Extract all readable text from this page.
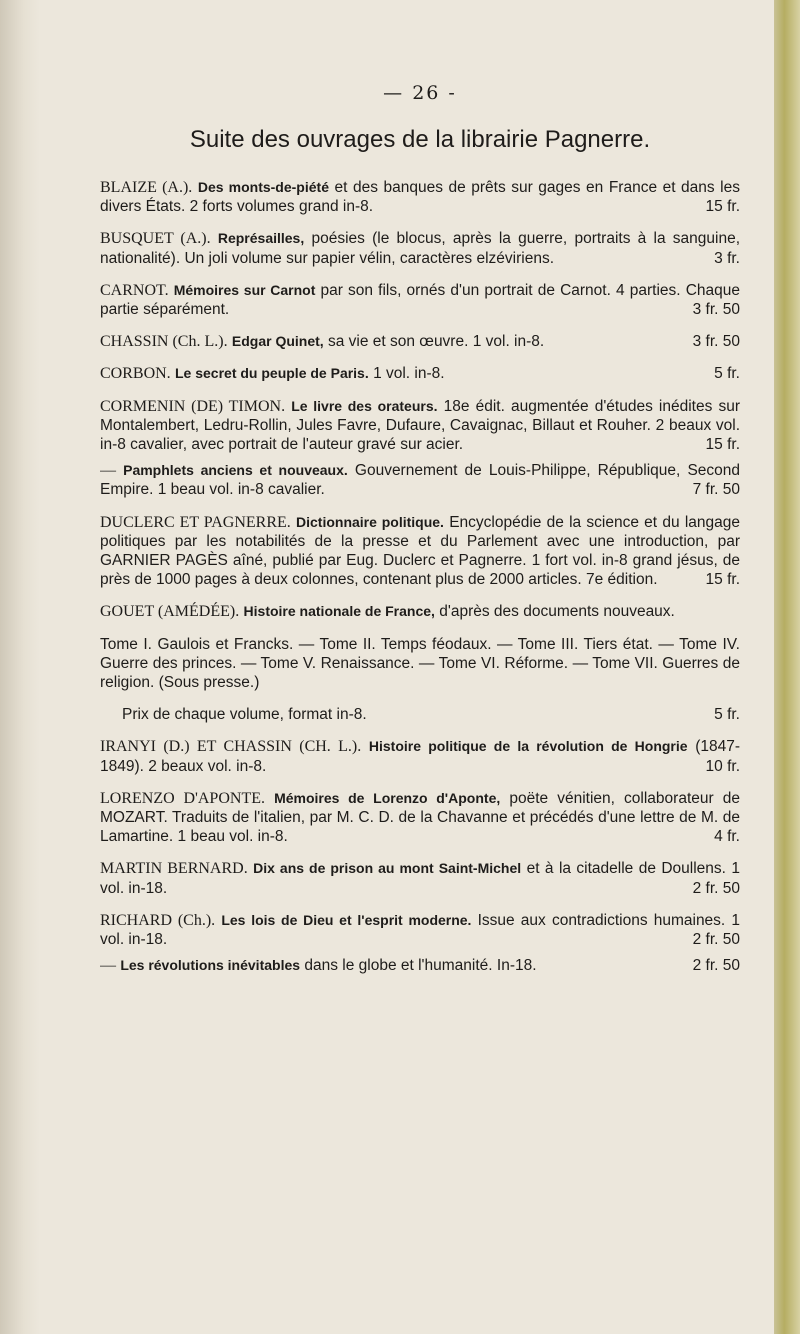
— 26 -
Suite des ouvrages de la librairie Pagnerre.

BLAIZE (A.). Des monts-de-piété et des banques de prêts sur gages en France et dans les divers États. 2 forts volumes grand in-8.	15 fr.

BUSQUET (A.). Représailles, poésies (le blocus, après la guerre, portraits à la sanguine, nationalité). Un joli volume sur papier vélin, caractères elzéviriens.	3 fr.

CARNOT. Mémoires sur Carnot par son fils, ornés d'un portrait de Carnot. 4 parties. Chaque partie séparément.	3 fr. 50

CHASSIN (Ch. L.). Edgar Quinet, sa vie et son œuvre. 1 vol. in-8.	3 fr. 50

CORBON. Le secret du peuple de Paris. 1 vol. in-8.	5 fr.

CORMENIN (DE) TIMON. Le livre des orateurs. 18e édit. augmentée d'études inédites sur Montalembert, Ledru-Rollin, Jules Favre, Dufaure, Cavaignac, Billaut et Rouher. 2 beaux vol. in-8 cavalier, avec portrait de l'auteur gravé sur acier.	15 fr.

— Pamphlets anciens et nouveaux. Gouvernement de Louis-Philippe, République, Second Empire. 1 beau vol. in-8 cavalier.	7 fr. 50

DUCLERC ET PAGNERRE. Dictionnaire politique. Encyclopédie de la science et du langage politiques par les notabilités de la presse et du Parlement avec une introduction, par GARNIER PAGÈS aîné, publié par Eug. Duclerc et Pagnerre. 1 fort vol. in-8 grand jésus, de près de 1000 pages à deux colonnes, contenant plus de 2000 articles. 7e édition.	15 fr.

GOUET (AMÉDÉE). Histoire nationale de France, d'après des documents nouveaux.

Tome I. Gaulois et Francks. — Tome II. Temps féodaux. — Tome III. Tiers état. — Tome IV. Guerre des princes. — Tome V. Renaissance. — Tome VI. Réforme. — Tome VII. Guerres de religion. (Sous presse.)

Prix de chaque volume, format in-8.	5 fr.

IRANYI (D.) ET CHASSIN (CH. L.). Histoire politique de la révolution de Hongrie (1847-1849). 2 beaux vol. in-8.	10 fr.

LORENZO D'APONTE. Mémoires de Lorenzo d'Aponte, poëte vénitien, collaborateur de MOZART. Traduits de l'italien, par M. C. D. de la Chavanne et précédés d'une lettre de M. de Lamartine. 1 beau vol. in-8.	4 fr.

MARTIN BERNARD. Dix ans de prison au mont Saint-Michel et à la citadelle de Doullens. 1 vol. in-18.	2 fr. 50

RICHARD (Ch.). Les lois de Dieu et l'esprit moderne. Issue aux contradictions humaines. 1 vol. in-18.	2 fr. 50

— Les révolutions inévitables dans le globe et l'humanité. In-18.	2 fr. 50
